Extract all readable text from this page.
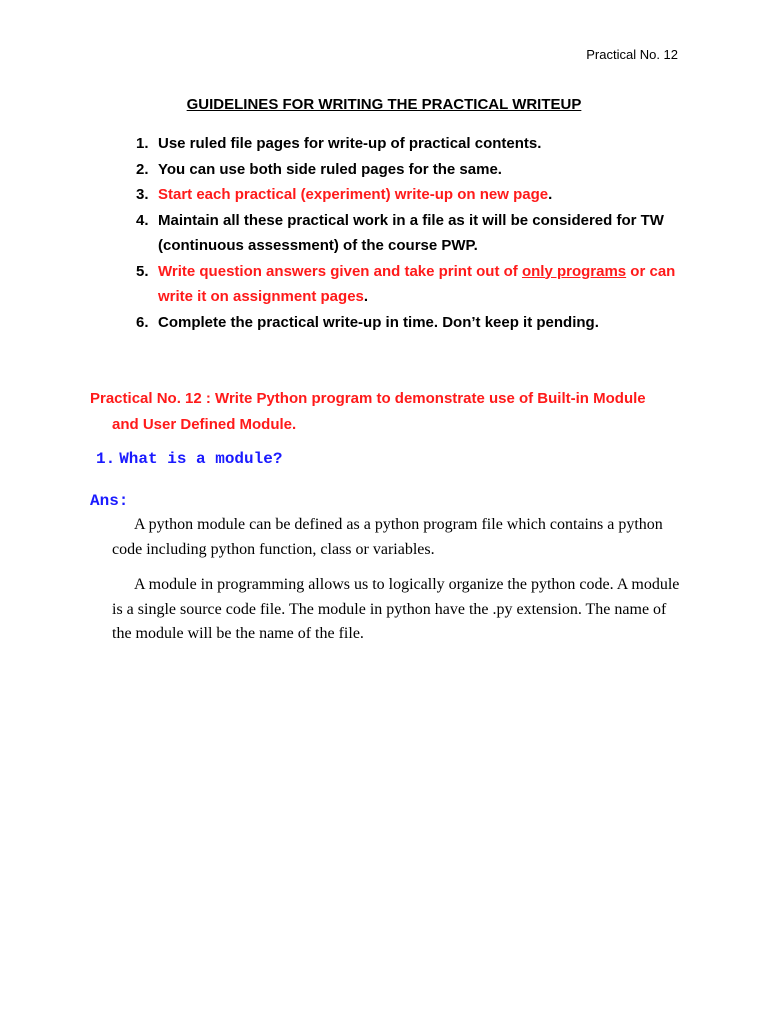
Practical No. 12
GUIDELINES FOR WRITING THE PRACTICAL WRITEUP
1. Use ruled file pages for write-up of practical contents.
2. You can use both side ruled pages for the same.
3. Start each practical (experiment) write-up on new page.
4. Maintain all these practical work in a file as it will be considered for TW (continuous assessment) of the course PWP.
5. Write question answers given and take print out of only programs or can write it on assignment pages.
6. Complete the practical write-up in time. Don’t keep it pending.
Practical No. 12 : Write Python program to demonstrate use of Built-in Module
and User Defined Module.
1. What is a module?
Ans:
A python module can be defined as a python program file which contains a python code including python function, class or variables.
A module in programming allows us to logically organize the python code. A module is a single source code file. The module in python have the .py extension. The name of the module will be the name of the file.
